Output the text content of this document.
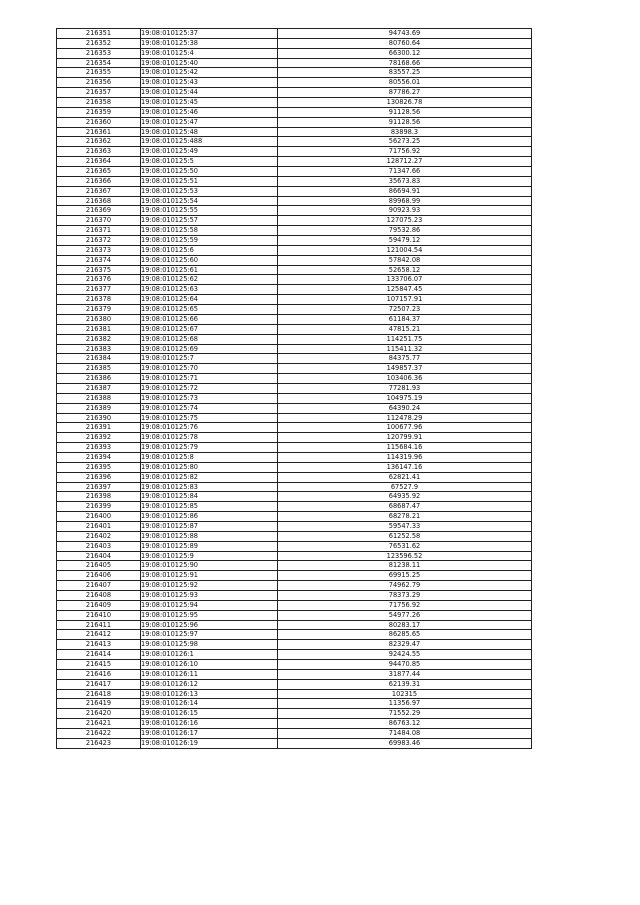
216351	19:08:010125:37	94743.69
216352	19:08:010125:38	80760.64
216353	19:08:010125:4	66300.12
216354	19:08:010125:40	78168.66
216355	19:08:010125:42	83557.25
216356	19:08:010125:43	80556.01
216357	19:08:010125:44	87786.27
216358	19:08:010125:45	130826.78
216359	19:08:010125:46	91128.56
216360	19:08:010125:47	91128.56
216361	19:08:010125:48	83898.3
216362	19:08:010125:488	56273.25
216363	19:08:010125:49	71756.92
216364	19:08:010125:5	128712.27
216365	19:08:010125:50	71347.66
216366	19:08:010125:51	35673.83
216367	19:08:010125:53	86694.91
216368	19:08:010125:54	89968.99
216369	19:08:010125:55	90923.93
216370	19:08:010125:57	127075.23
216371	19:08:010125:58	79532.86
216372	19:08:010125:59	59479.12
216373	19:08:010125:6	121004.54
216374	19:08:010125:60	57842.08
216375	19:08:010125:61	52658.12
216376	19:08:010125:62	133706.07
216377	19:08:010125:63	125847.45
216378	19:08:010125:64	107157.91
216379	19:08:010125:65	72507.23
216380	19:08:010125:66	61184.37
216381	19:08:010125:67	47815.21
216382	19:08:010125:68	114251.75
216383	19:08:010125:69	115411.32
216384	19:08:010125:7	84375.77
216385	19:08:010125:70	149857.37
216386	19:08:010125:71	103406.36
216387	19:08:010125:72	77281.93
216388	19:08:010125:73	104975.19
216389	19:08:010125:74	64390.24
216390	19:08:010125:75	112478.29
216391	19:08:010125:76	100677.96
216392	19:08:010125:78	120799.91
216393	19:08:010125:79	115684.16
216394	19:08:010125:8	114319.96
216395	19:08:010125:80	136147.16
216396	19:08:010125:82	62821.41
216397	19:08:010125:83	67527.9
216398	19:08:010125:84	64935.92
216399	19:08:010125:85	68687.47
216400	19:08:010125:86	68278.21
216401	19:08:010125:87	59547.33
216402	19:08:010125:88	61252.58
216403	19:08:010125:89	76531.62
216404	19:08:010125:9	123596.52
216405	19:08:010125:90	81238.11
216406	19:08:010125:91	69915.25
216407	19:08:010125:92	74962.79
216408	19:08:010125:93	78373.29
216409	19:08:010125:94	71756.92
216410	19:08:010125:95	54977.26
216411	19:08:010125:96	80283.17
216412	19:08:010125:97	86285.65
216413	19:08:010125:98	82329.47
216414	19:08:010126:1	92424.55
216415	19:08:010126:10	94470.85
216416	19:08:010126:11	31877.44
216417	19:08:010126:12	62139.31
216418	19:08:010126:13	102315
216419	19:08:010126:14	11356.97
216420	19:08:010126:15	71552.29
216421	19:08:010126:16	86763.12
216422	19:08:010126:17	71484.08
216423	19:08:010126:19	69983.46
